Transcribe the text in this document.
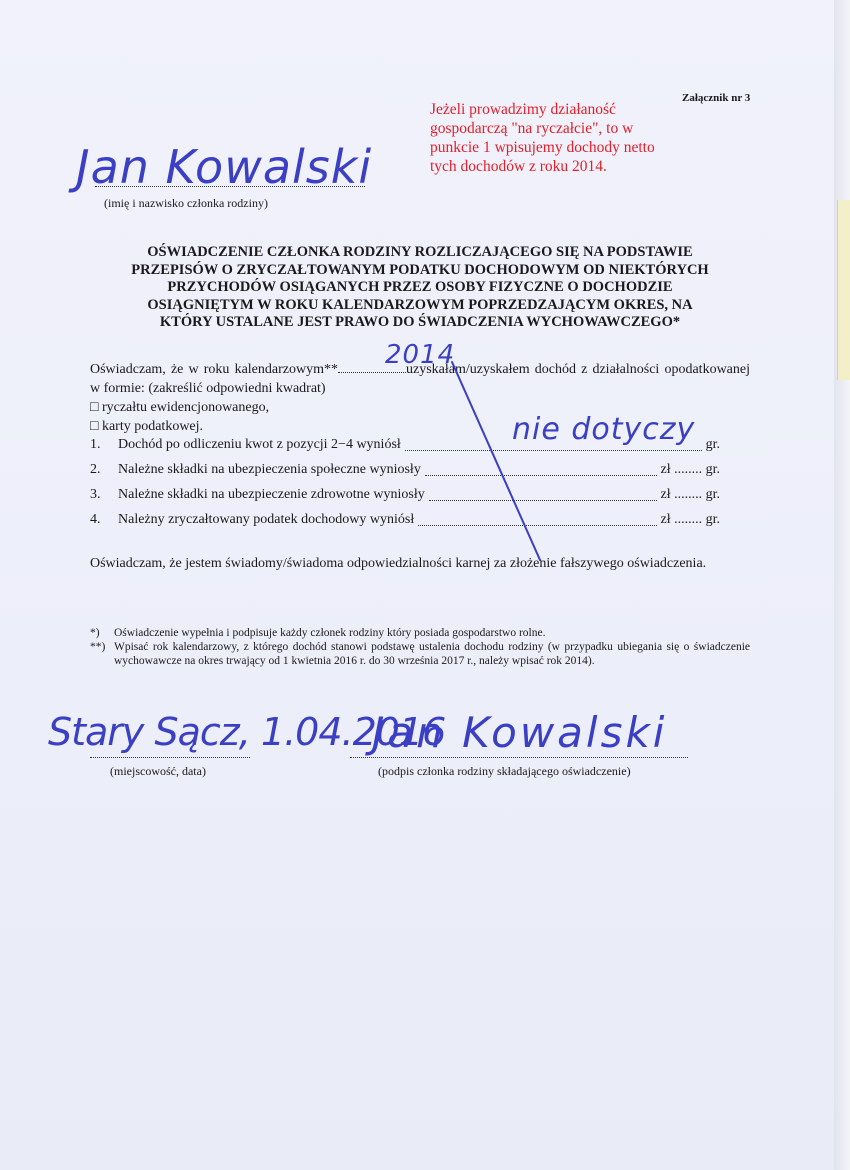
Załącznik nr 3
Jeżeli prowadzimy działaność gospodarczą "na ryczałcie", to w punkcie 1 wpisujemy dochody netto tych dochodów z roku 2014.
Jan Kowalski
(imię i nazwisko członka rodziny)
OŚWIADCZENIE CZŁONKA RODZINY ROZLICZAJĄCEGO SIĘ NA PODSTAWIE
PRZEPISÓW O ZRYCZAŁTOWANYM PODATKU DOCHODOWYM OD NIEKTÓRYCH
PRZYCHODÓW OSIĄGANYCH PRZEZ OSOBY FIZYCZNE O DOCHODZIE
OSIĄGNIĘTYM W ROKU KALENDARZOWYM POPRZEDZAJĄCYM OKRES, NA
KTÓRY USTALANE JEST PRAWO DO ŚWIADCZENIA WYCHOWAWCZEGO*
Oświadczam, że w roku kalendarzowym**	uzyskałam/uzyskałem dochód z działalności opodatkowanej w formie: (zakreślić odpowiedni kwadrat)
2014
□ ryczałtu ewidencjonowanego,
□ karty podatkowej.
1.	Dochód po odliczeniu kwot z pozycji 2−4 wyniósł	gr.
2.	Należne składki na ubezpieczenia społeczne wyniosły	zł ........ gr.
3.	Należne składki na ubezpieczenie zdrowotne wyniosły	zł ........ gr.
4.	Należny zryczałtowany podatek dochodowy wyniósł	zł ........ gr.
nie dotyczy
Oświadczam, że jestem świadomy/świadoma odpowiedzialności karnej za złożenie fałszywego oświadczenia.
*)	Oświadczenie wypełnia i podpisuje każdy członek rodziny który posiada gospodarstwo rolne.
**) Wpisać rok kalendarzowy, z którego dochód stanowi podstawę ustalenia dochodu rodziny (w przypadku ubiegania się o świadczenie wychowawcze na okres trwający od 1 kwietnia 2016 r. do 30 września 2017 r., należy wpisać rok 2014).
Stary Sącz, 1.04.2016
Jan Kowalski
(miejscowość, data)	(podpis członka rodziny składającego oświadczenie)
